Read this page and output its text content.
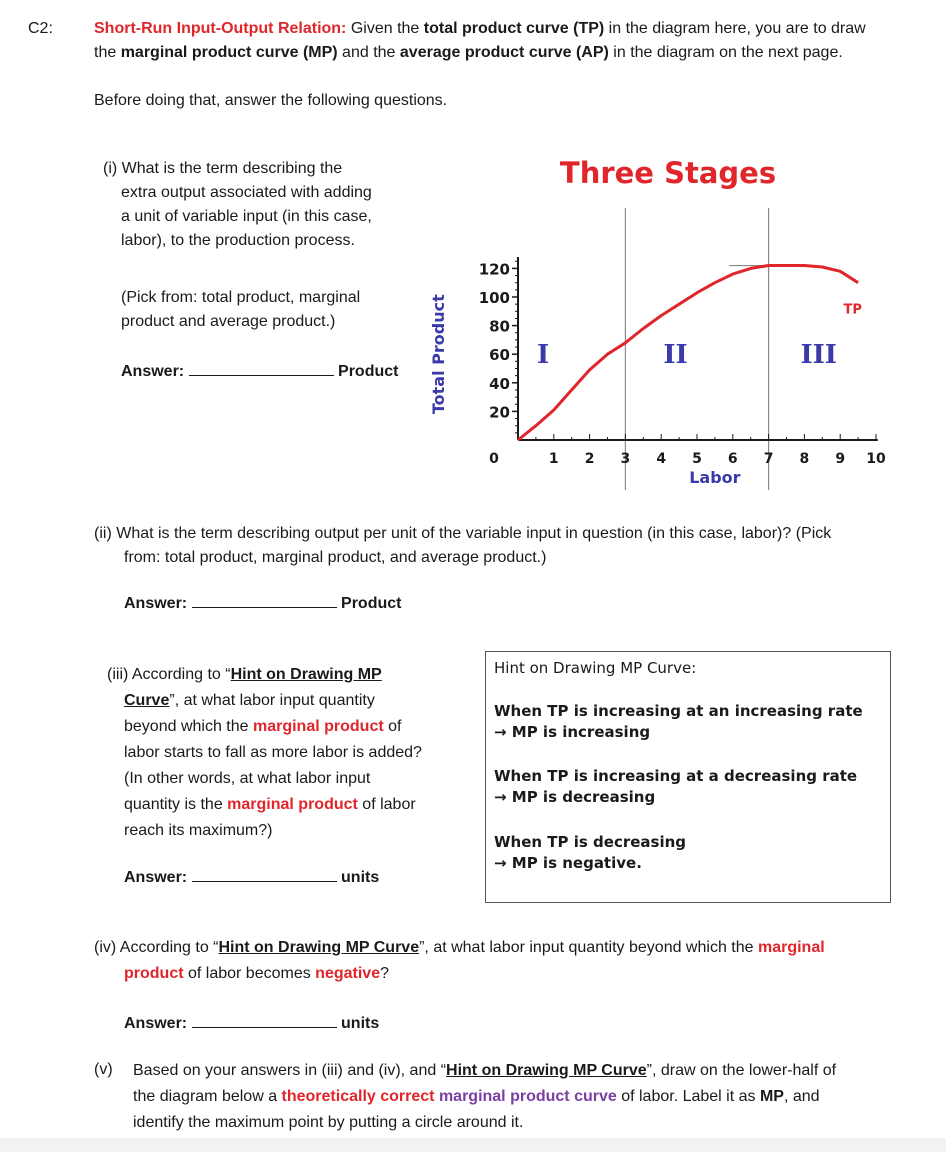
C2:	Short-Run Input-Output Relation: Given the total product curve (TP) in the diagram here, you are to draw
the marginal product curve (MP) and the average product curve (AP) in the diagram on the next page.
Before doing that, answer the following questions.
(i) What is the term describing the
extra output associated with adding
a unit of variable input (in this case,
labor), to the production process.
(Pick from: total product, marginal
product and average product.)
Answer:	Product
Three Stages
20
40
60
80
100
120
Total Product
0	1 2 3 4 5 6 7 8 9 10
Labor
I	II	III
TP
(ii) What is the term describing output per unit of the variable input in question (in this case, labor)? (Pick
from: total product, marginal product, and average product.)
Answer:	Product
(iii) According to “Hint on Drawing MP
Curve”, at what labor input quantity
beyond which the marginal product of
labor starts to fall as more labor is added?
(In other words, at what labor input
quantity is the marginal product of labor
reach its maximum?)
Answer:	units
Hint on Drawing MP Curve:
When TP is increasing at an increasing rate
→ MP is increasing
When TP is increasing at a decreasing rate
→ MP is decreasing
When TP is decreasing
→ MP is negative.
(iv) According to “Hint on Drawing MP Curve”, at what labor input quantity beyond which the marginal
product of labor becomes negative?
Answer:	units
(v) Based on your answers in (iii) and (iv), and “Hint on Drawing MP Curve”, draw on the lower-half of
the diagram below a theoretically correct marginal product curve of labor. Label it as MP, and
identify the maximum point by putting a circle around it.
